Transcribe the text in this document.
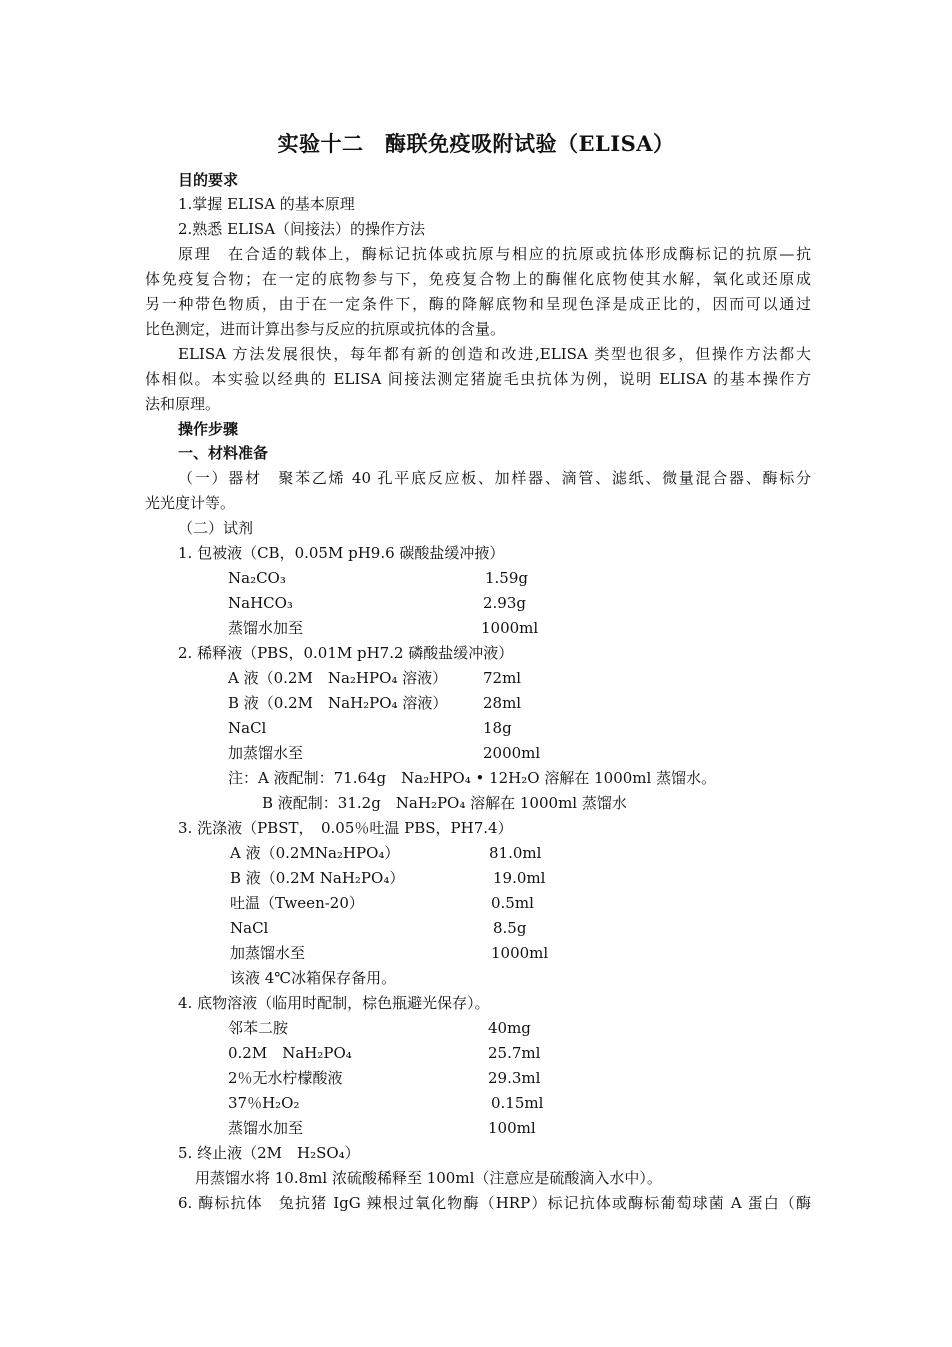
实验十二　酶联免疫吸附试验（ELISA）
目的要求
1.掌握 ELISA 的基本原理
2.熟悉 ELISA（间接法）的操作方法
原理　在合适的载体上，酶标记抗体或抗原与相应的抗原或抗体形成酶标记的抗原—抗
体免疫复合物；在一定的底物参与下，免疫复合物上的酶催化底物使其水解，氧化或还原成
另一种带色物质，由于在一定条件下，酶的降解底物和呈现色泽是成正比的，因而可以通过
比色测定，进而计算出参与反应的抗原或抗体的含量。
ELISA 方法发展很快，每年都有新的创造和改进,ELISA 类型也很多，但操作方法都大
体相似。本实验以经典的 ELISA 间接法测定猪旋毛虫抗体为例，说明 ELISA 的基本操作方
法和原理。
操作步骤
一、材料准备
（一）器材　聚苯乙烯 40 孔平底反应板、加样器、滴管、滤纸、微量混合器、酶标分
光光度计等。
（二）试剂
1. 包被液（CB，0.05M pH9.6 碳酸盐缓冲掖）
Na₂CO₃	1.59g
NaHCO₃	2.93g
蒸馏水加至	1000ml
2. 稀释液（PBS，0.01M pH7.2 磷酸盐缓冲液）
A 液（0.2M　Na₂HPO₄ 溶液） 72ml
B 液（0.2M　NaH₂PO₄ 溶液） 28ml
NaCl	18g
加蒸馏水至	2000ml
注：A 液配制：71.64g　Na₂HPO₄ • 12H₂O 溶解在 1000ml 蒸馏水。
B 液配制：31.2g　NaH₂PO₄ 溶解在 1000ml 蒸馏水
3. 洗涤液（PBST，　0.05％吐温 PBS，PH7.4）
A 液（0.2MNa₂HPO₄）	81.0ml
B 液（0.2M NaH₂PO₄）	19.0ml
吐温（Tween-20）	0.5ml
NaCl	8.5g
加蒸馏水至	1000ml
该液 4℃冰箱保存备用。
4. 底物溶液（临用时配制，棕色瓶避光保存）。
邻苯二胺	40mg
0.2M　NaH₂PO₄	25.7ml
2％无水柠檬酸液	29.3ml
37％H₂O₂	0.15ml
蒸馏水加至	100ml
5. 终止液（2M　H₂SO₄）
用蒸馏水将 10.8ml 浓硫酸稀释至 100ml（注意应是硫酸滴入水中）。
6. 酶标抗体　兔抗猪 IgG 辣根过氧化物酶（HRP）标记抗体或酶标葡萄球菌 A 蛋白（酶
